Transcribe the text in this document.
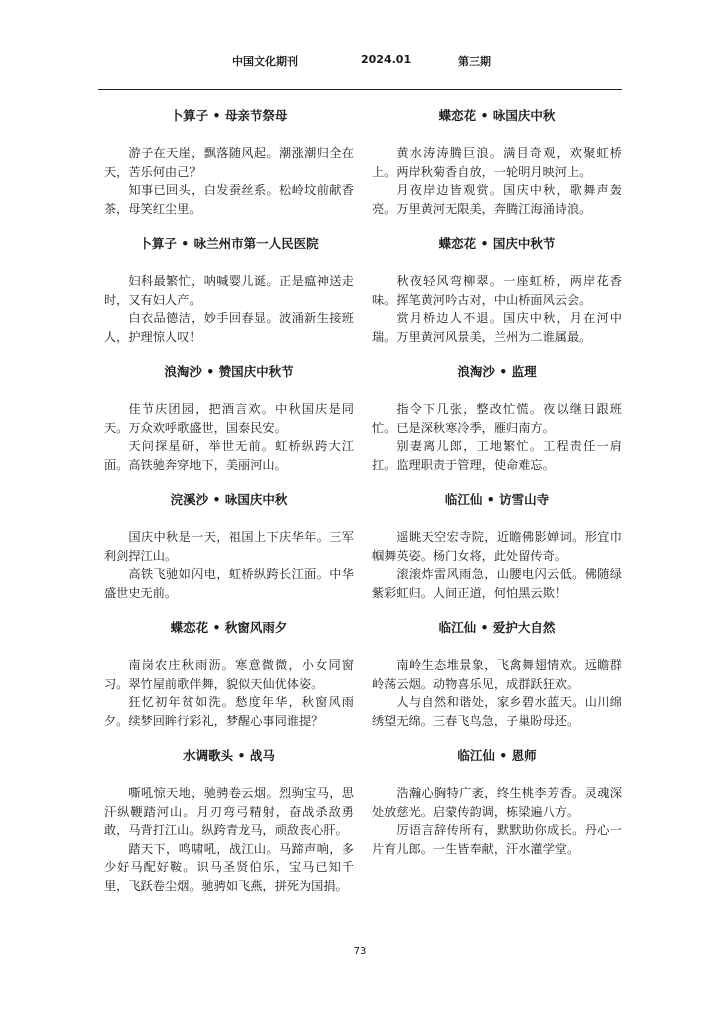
中国文化期刊	2024.01	第三期
卜算子 • 母亲节祭母

游子在天崖，飘落随风起。潮涨潮归全在天，苦乐何由己？

知事已回头，白发蚕丝系。松岭坟前献香茶，母笑红尘里。

卜算子 • 咏兰州市第一人民医院

妇科最繁忙，呐喊婴儿诞。正是瘟神送走时，又有妇人产。

白衣品德洁，妙手回春显。波涌新生接班人，护理惊人叹！

浪淘沙 • 赞国庆中秋节

佳节庆团园，把酒言欢。中秋国庆是同天。万众欢呼歌盛世，国泰民安。

天问探星研，举世无前。虹桥纵跨大江面。高铁驰奔穿地下，美丽河山。

浣溪沙 • 咏国庆中秋

国庆中秋是一天，祖国上下庆华年。三军利剑捍江山。

高铁飞驰如闪电，虹桥纵跨长江面。中华盛世史无前。

蝶恋花 • 秋窗风雨夕

南岗农庄秋雨沥。寒意微微，小女同窗习。翠竹屋前歌伴舞，貌似天仙优体姿。

狂忆初年贫如洗。愁度年华，秋窗风雨夕。续梦回眸行彩礼，梦醒心事同谁提？

水调歌头 • 战马

嘶吼惊天地，驰骋卷云烟。烈驹宝马，思汗纵鞭踏河山。月刃弯弓精射，奋战杀敌勇敢，马背打江山。纵跨青龙马，顽敌丧心肝。

踏天下，鸣啸吼，战江山。马蹄声响，多少好马配好鞍。识马圣贤伯乐，宝马已知千里，飞跃卷尘烟。驰骋如飞燕，拼死为国捐。

蝶恋花 • 咏国庆中秋

黄水涛涛腾巨浪。满目奇观，欢聚虹桥上。两岸秋菊香自放，一轮明月映河上。

月夜岸边皆观赏。国庆中秋，歌舞声轰亮。万里黄河无限美，奔腾江海涌诗浪。

蝶恋花 • 国庆中秋节

秋夜轻风弯柳翠。一座虹桥，两岸花香味。挥笔黄河吟古对，中山桥面风云会。

赏月桥边人不退。国庆中秋，月在河中瑞。万里黄河风景美，兰州为二谁属最。

浪淘沙 • 监理

指令下几张，整改忙慌。夜以继日跟班忙。已是深秋寒冷季，雁归南方。

别妻离儿郎，工地繁忙。工程责任一肩扛。监理职责于管理，使命难忘。

临江仙 • 访雪山寺

遥眺天空宏寺院，近瞻佛影婵词。形宜巾帼舞英姿。杨门女将，此处留传奇。

滚滚炸雷风雨急，山腰电闪云低。佛随绿紫彩虹归。人间正道，何怕黑云欺！

临江仙 • 爱护大自然

南岭生态堆景象，飞禽舞翅情欢。远瞻群岭荡云烟。动物喜乐见，成群跃狂欢。

人与自然和谐处，家乡碧水蓝天。山川绵绣望无绵。三春飞鸟急，子巢盼母还。

临江仙 • 恩师

浩瀚心胸特广袤，终生桃李芳香。灵魂深处放慈光。启蒙传韵调，栋梁遍八方。

厉语言辞传所有，默默助你成长。丹心一片育儿郎。一生皆奉献，汗水灌学堂。

73
